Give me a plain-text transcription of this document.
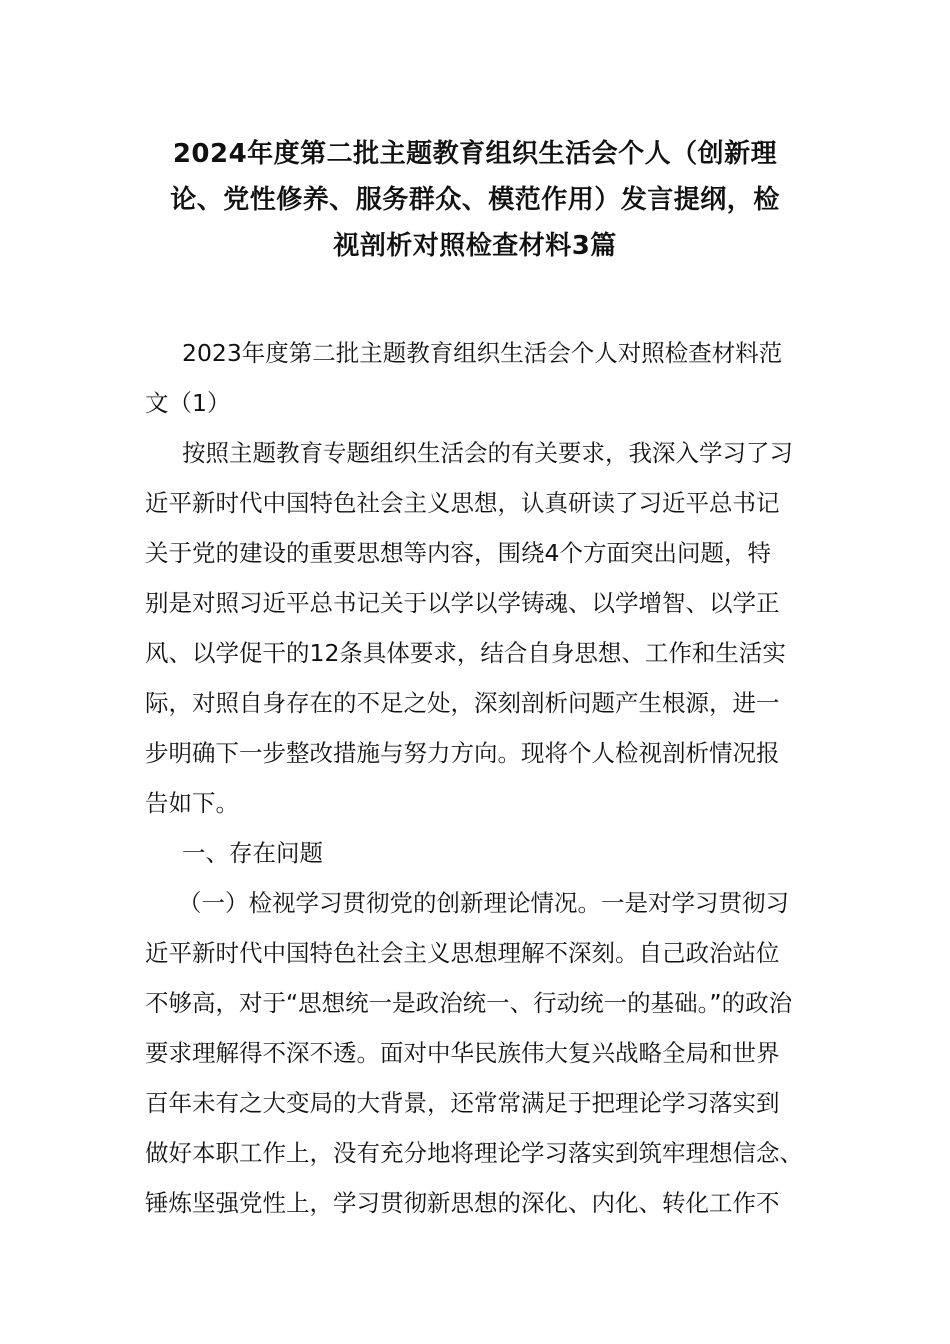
2024年度第二批主题教育组织生活会个人（创新理
论、党性修养、服务群众、模范作用）发言提纲，检
视剖析对照检查材料3篇
2023年度第二批主题教育组织生活会个人对照检查材料范
文（1）
按照主题教育专题组织生活会的有关要求，我深入学习了习
近平新时代中国特色社会主义思想，认真研读了习近平总书记
关于党的建设的重要思想等内容，围绕4个方面突出问题，特
别是对照习近平总书记关于以学以学铸魂、以学增智、以学正
风、以学促干的12条具体要求，结合自身思想、工作和生活实
际，对照自身存在的不足之处，深刻剖析问题产生根源，进一
步明确下一步整改措施与努力方向。现将个人检视剖析情况报
告如下。
一、存在问题
（一）检视学习贯彻党的创新理论情况。一是对学习贯彻习
近平新时代中国特色社会主义思想理解不深刻。自己政治站位
不够高，对于“思想统一是政治统一、行动统一的基础。”的政治
要求理解得不深不透。面对中华民族伟大复兴战略全局和世界
百年未有之大变局的大背景，还常常满足于把理论学习落实到
做好本职工作上，没有充分地将理论学习落实到筑牢理想信念、
锤炼坚强党性上，学习贯彻新思想的深化、内化、转化工作不
